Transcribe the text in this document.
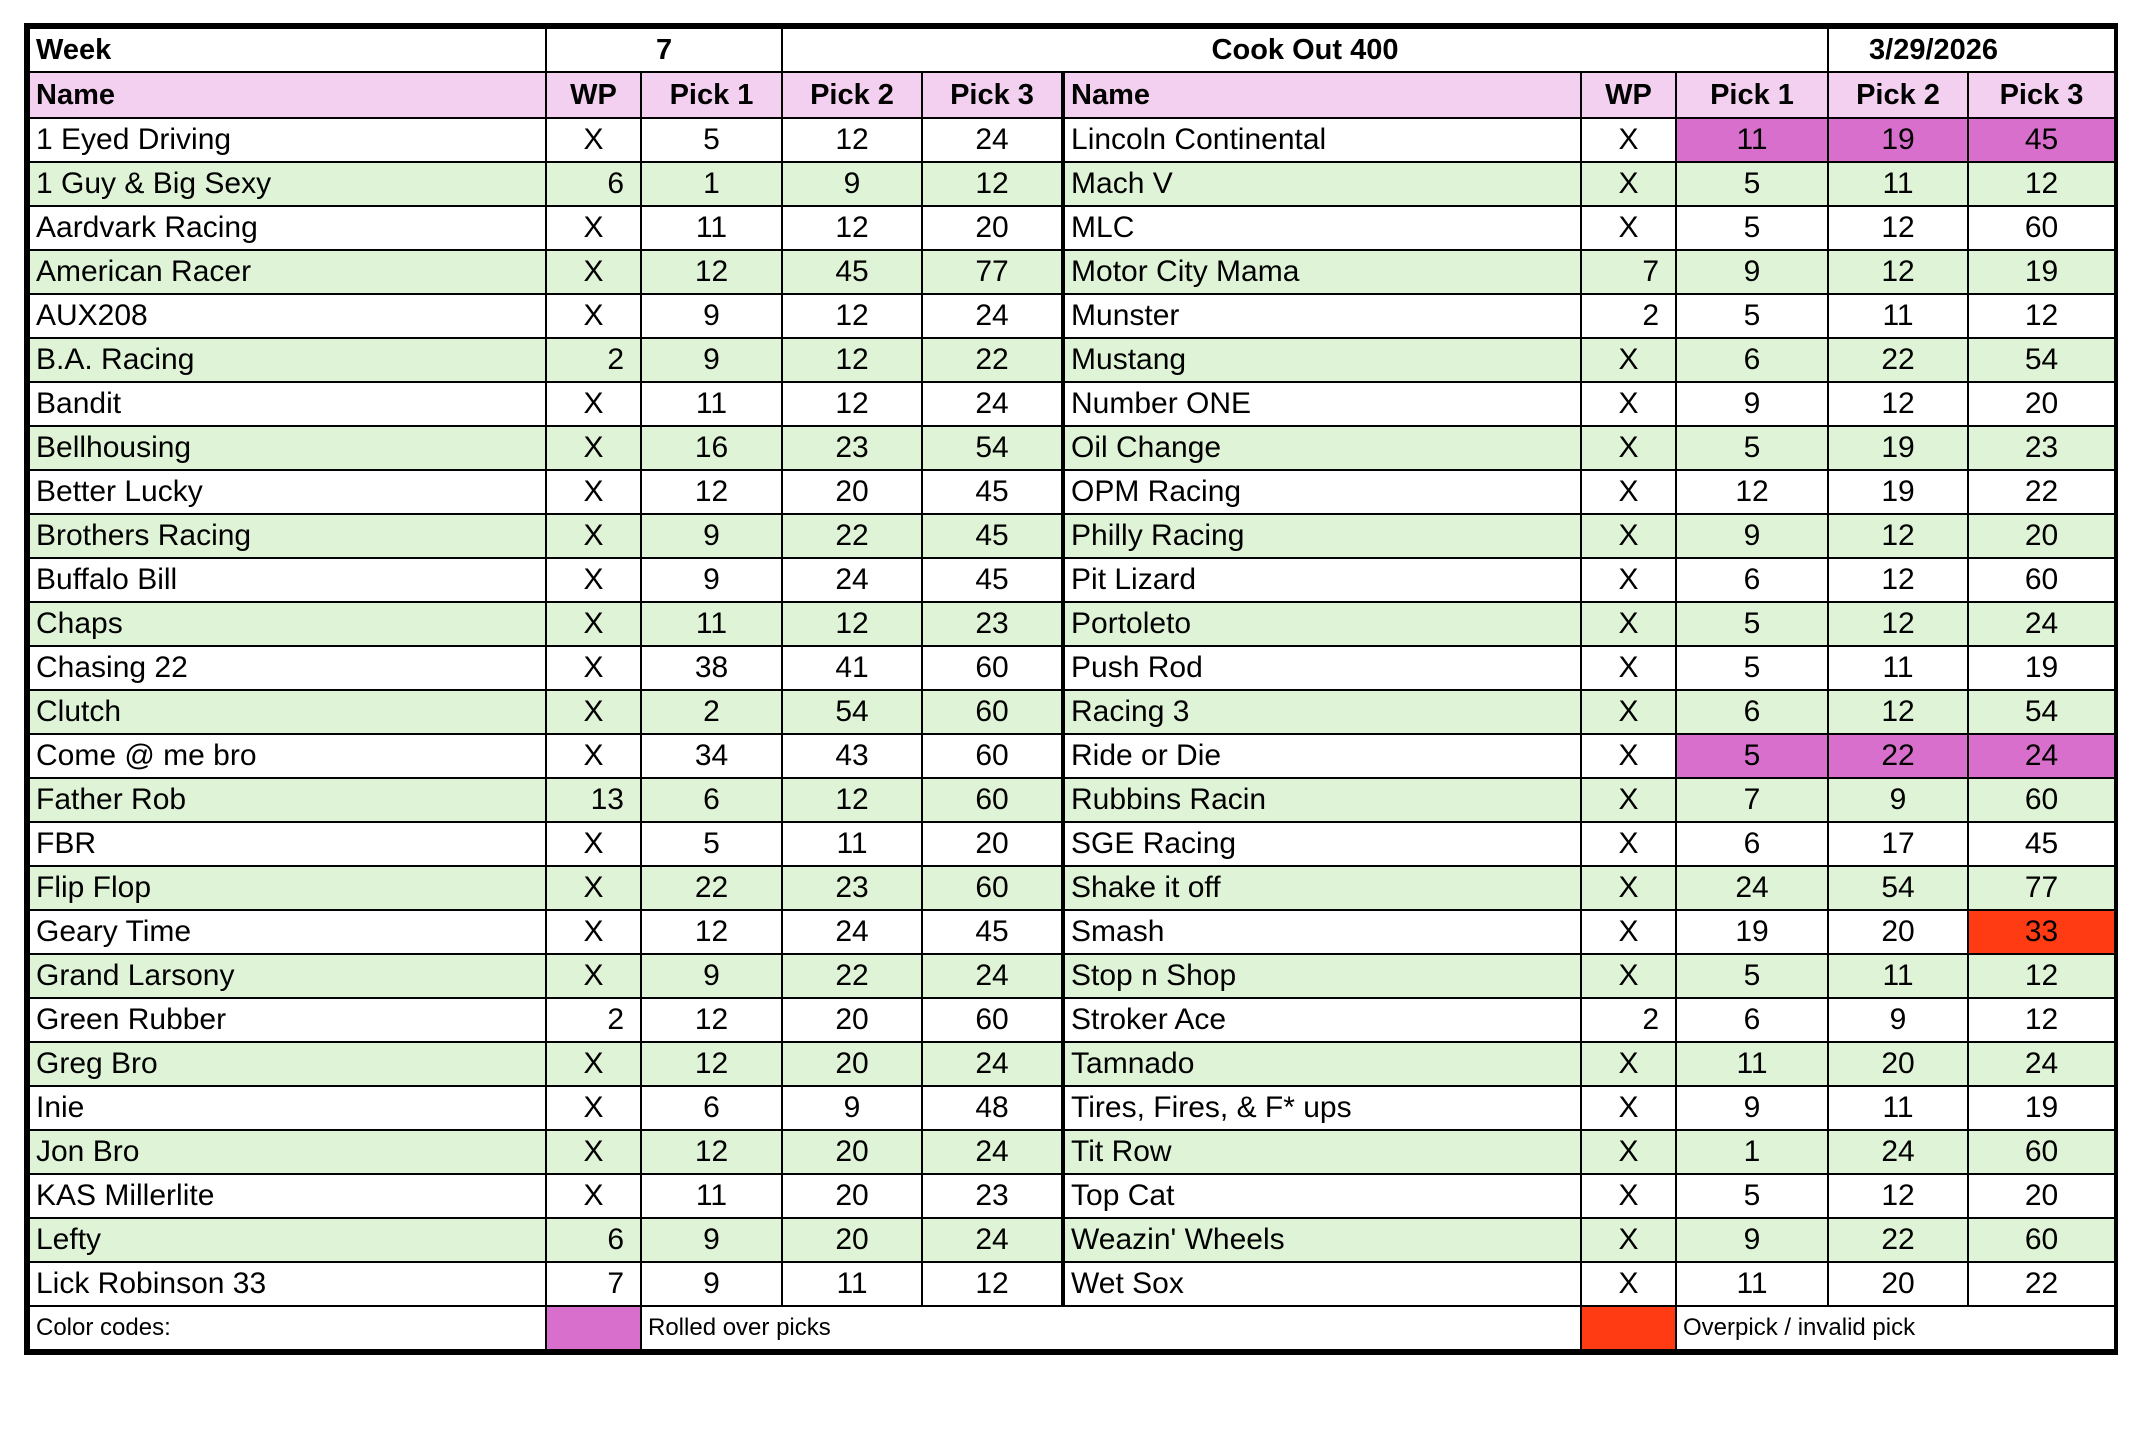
Week	7		Cook Out 400					3/29/2026	
Name	WP	Pick 1	Pick 2	Pick 3	Name	WP	Pick 1	Pick 2	Pick 3
1 Eyed Driving	X	5	12	24	Lincoln Continental	X	11	19	45
1 Guy & Big Sexy	6	1	9	12	Mach V	X	5	11	12
Aardvark Racing	X	11	12	20	MLC	X	5	12	60
American Racer	X	12	45	77	Motor City Mama	7	9	12	19
AUX208	X	9	12	24	Munster	2	5	11	12
B.A. Racing	2	9	12	22	Mustang	X	6	22	54
Bandit	X	11	12	24	Number ONE	X	9	12	20
Bellhousing	X	16	23	54	Oil Change	X	5	19	23
Better Lucky	X	12	20	45	OPM Racing	X	12	19	22
Brothers Racing	X	9	22	45	Philly Racing	X	9	12	20
Buffalo Bill	X	9	24	45	Pit Lizard	X	6	12	60
Chaps	X	11	12	23	Portoleto	X	5	12	24
Chasing 22	X	38	41	60	Push Rod	X	5	11	19
Clutch	X	2	54	60	Racing 3	X	6	12	54
Come @ me bro	X	34	43	60	Ride or Die	X	5	22	24
Father Rob	13	6	12	60	Rubbins Racin	X	7	9	60
FBR	X	5	11	20	SGE Racing	X	6	17	45
Flip Flop	X	22	23	60	Shake it off	X	24	54	77
Geary Time	X	12	24	45	Smash	X	19	20	33
Grand Larsony	X	9	22	24	Stop n Shop	X	5	11	12
Green Rubber	2	12	20	60	Stroker Ace	2	6	9	12
Greg Bro	X	12	20	24	Tamnado	X	11	20	24
Inie	X	6	9	48	Tires, Fires, & F* ups	X	9	11	19
Jon Bro	X	12	20	24	Tit Row	X	1	24	60
KAS Millerlite	X	11	20	23	Top Cat	X	5	12	20
Lefty	6	9	20	24	Weazin' Wheels	X	9	22	60
Lick Robinson 33	7	9	11	12	Wet Sox	X	11	20	22
Color codes:		Rolled over picks					Overpick / invalid pick		
